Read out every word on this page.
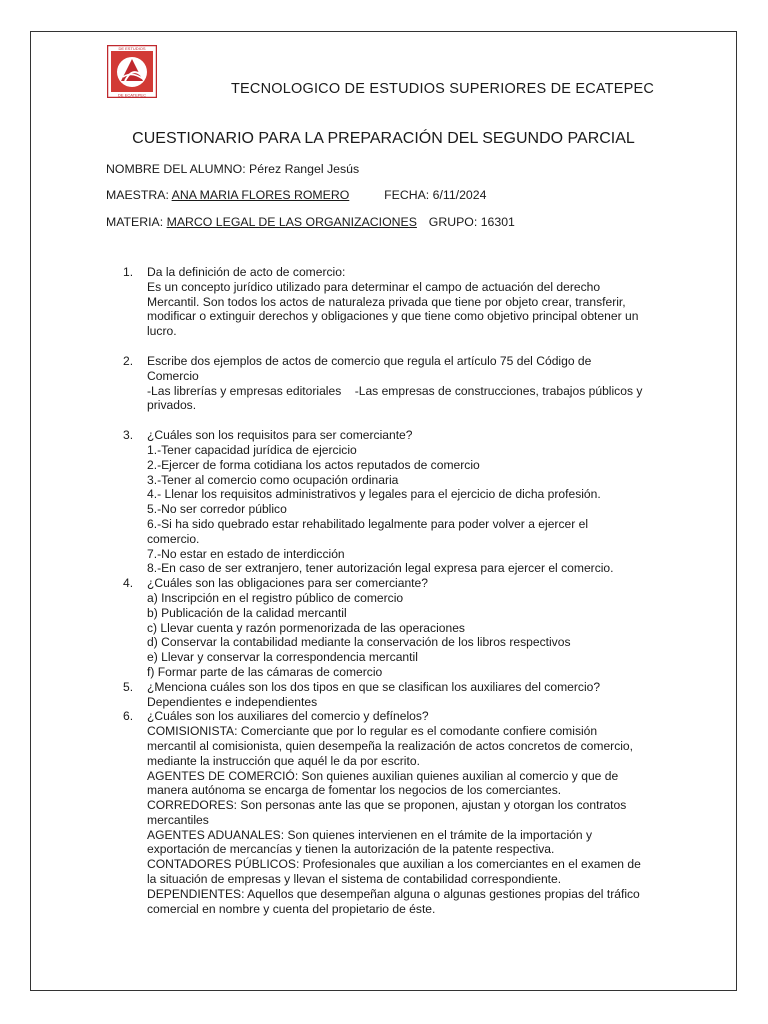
DE ESTUDIOS
DE ECATEPEC	TECNOLOGICO DE ESTUDIOS SUPERIORES DE ECATEPEC
CUESTIONARIO PARA LA PREPARACIÓN DEL SEGUNDO PARCIAL
NOMBRE DEL ALUMNO: Pérez Rangel Jesús
MAESTRA: ANA MARIA FLORES ROMERO	FECHA: 6/11/2024
MATERIA: MARCO LEGAL DE LAS ORGANIZACIONES GRUPO: 16301
1. Da la definición de acto de comercio:
Es un concepto jurídico utilizado para determinar el campo de actuación del derecho
Mercantil. Son todos los actos de naturaleza privada que tiene por objeto crear, transferir,
modificar o extinguir derechos y obligaciones y que tiene como objetivo principal obtener un
lucro.
2. Escribe dos ejemplos de actos de comercio que regula el artículo 75 del Código de
Comercio
-Las librerías y empresas editoriales    -Las empresas de construcciones, trabajos públicos y
privados.
3. ¿Cuáles son los requisitos para ser comerciante?
1.-Tener capacidad jurídica de ejercicio
2.-Ejercer de forma cotidiana los actos reputados de comercio
3.-Tener al comercio como ocupación ordinaria
4.- Llenar los requisitos administrativos y legales para el ejercicio de dicha profesión.
5.-No ser corredor público
6.-Si ha sido quebrado estar rehabilitado legalmente para poder volver a ejercer el
comercio.
7.-No estar en estado de interdicción
8.-En caso de ser extranjero, tener autorización legal expresa para ejercer el comercio.
4. ¿Cuáles son las obligaciones para ser comerciante?
a) Inscripción en el registro público de comercio
b) Publicación de la calidad mercantil
c) Llevar cuenta y razón pormenorizada de las operaciones
d) Conservar la contabilidad mediante la conservación de los libros respectivos
e) Llevar y conservar la correspondencia mercantil
f) Formar parte de las cámaras de comercio
5. ¿Menciona cuáles son los dos tipos en que se clasifican los auxiliares del comercio?
Dependientes e independientes
6. ¿Cuáles son los auxiliares del comercio y defínelos?
COMISIONISTA: Comerciante que por lo regular es el comodante confiere comisión
mercantil al comisionista, quien desempeña la realización de actos concretos de comercio,
mediante la instrucción que aquél le da por escrito.
AGENTES DE COMERCIÓ: Son quienes auxilian quienes auxilian al comercio y que de
manera autónoma se encarga de fomentar los negocios de los comerciantes.
CORREDORES: Son personas ante las que se proponen, ajustan y otorgan los contratos
mercantiles
AGENTES ADUANALES: Son quienes intervienen en el trámite de la importación y
exportación de mercancías y tienen la autorización de la patente respectiva.
CONTADORES PÚBLICOS: Profesionales que auxilian a los comerciantes en el examen de
la situación de empresas y llevan el sistema de contabilidad correspondiente.
DEPENDIENTES: Aquellos que desempeñan alguna o algunas gestiones propias del tráfico
comercial en nombre y cuenta del propietario de éste.
